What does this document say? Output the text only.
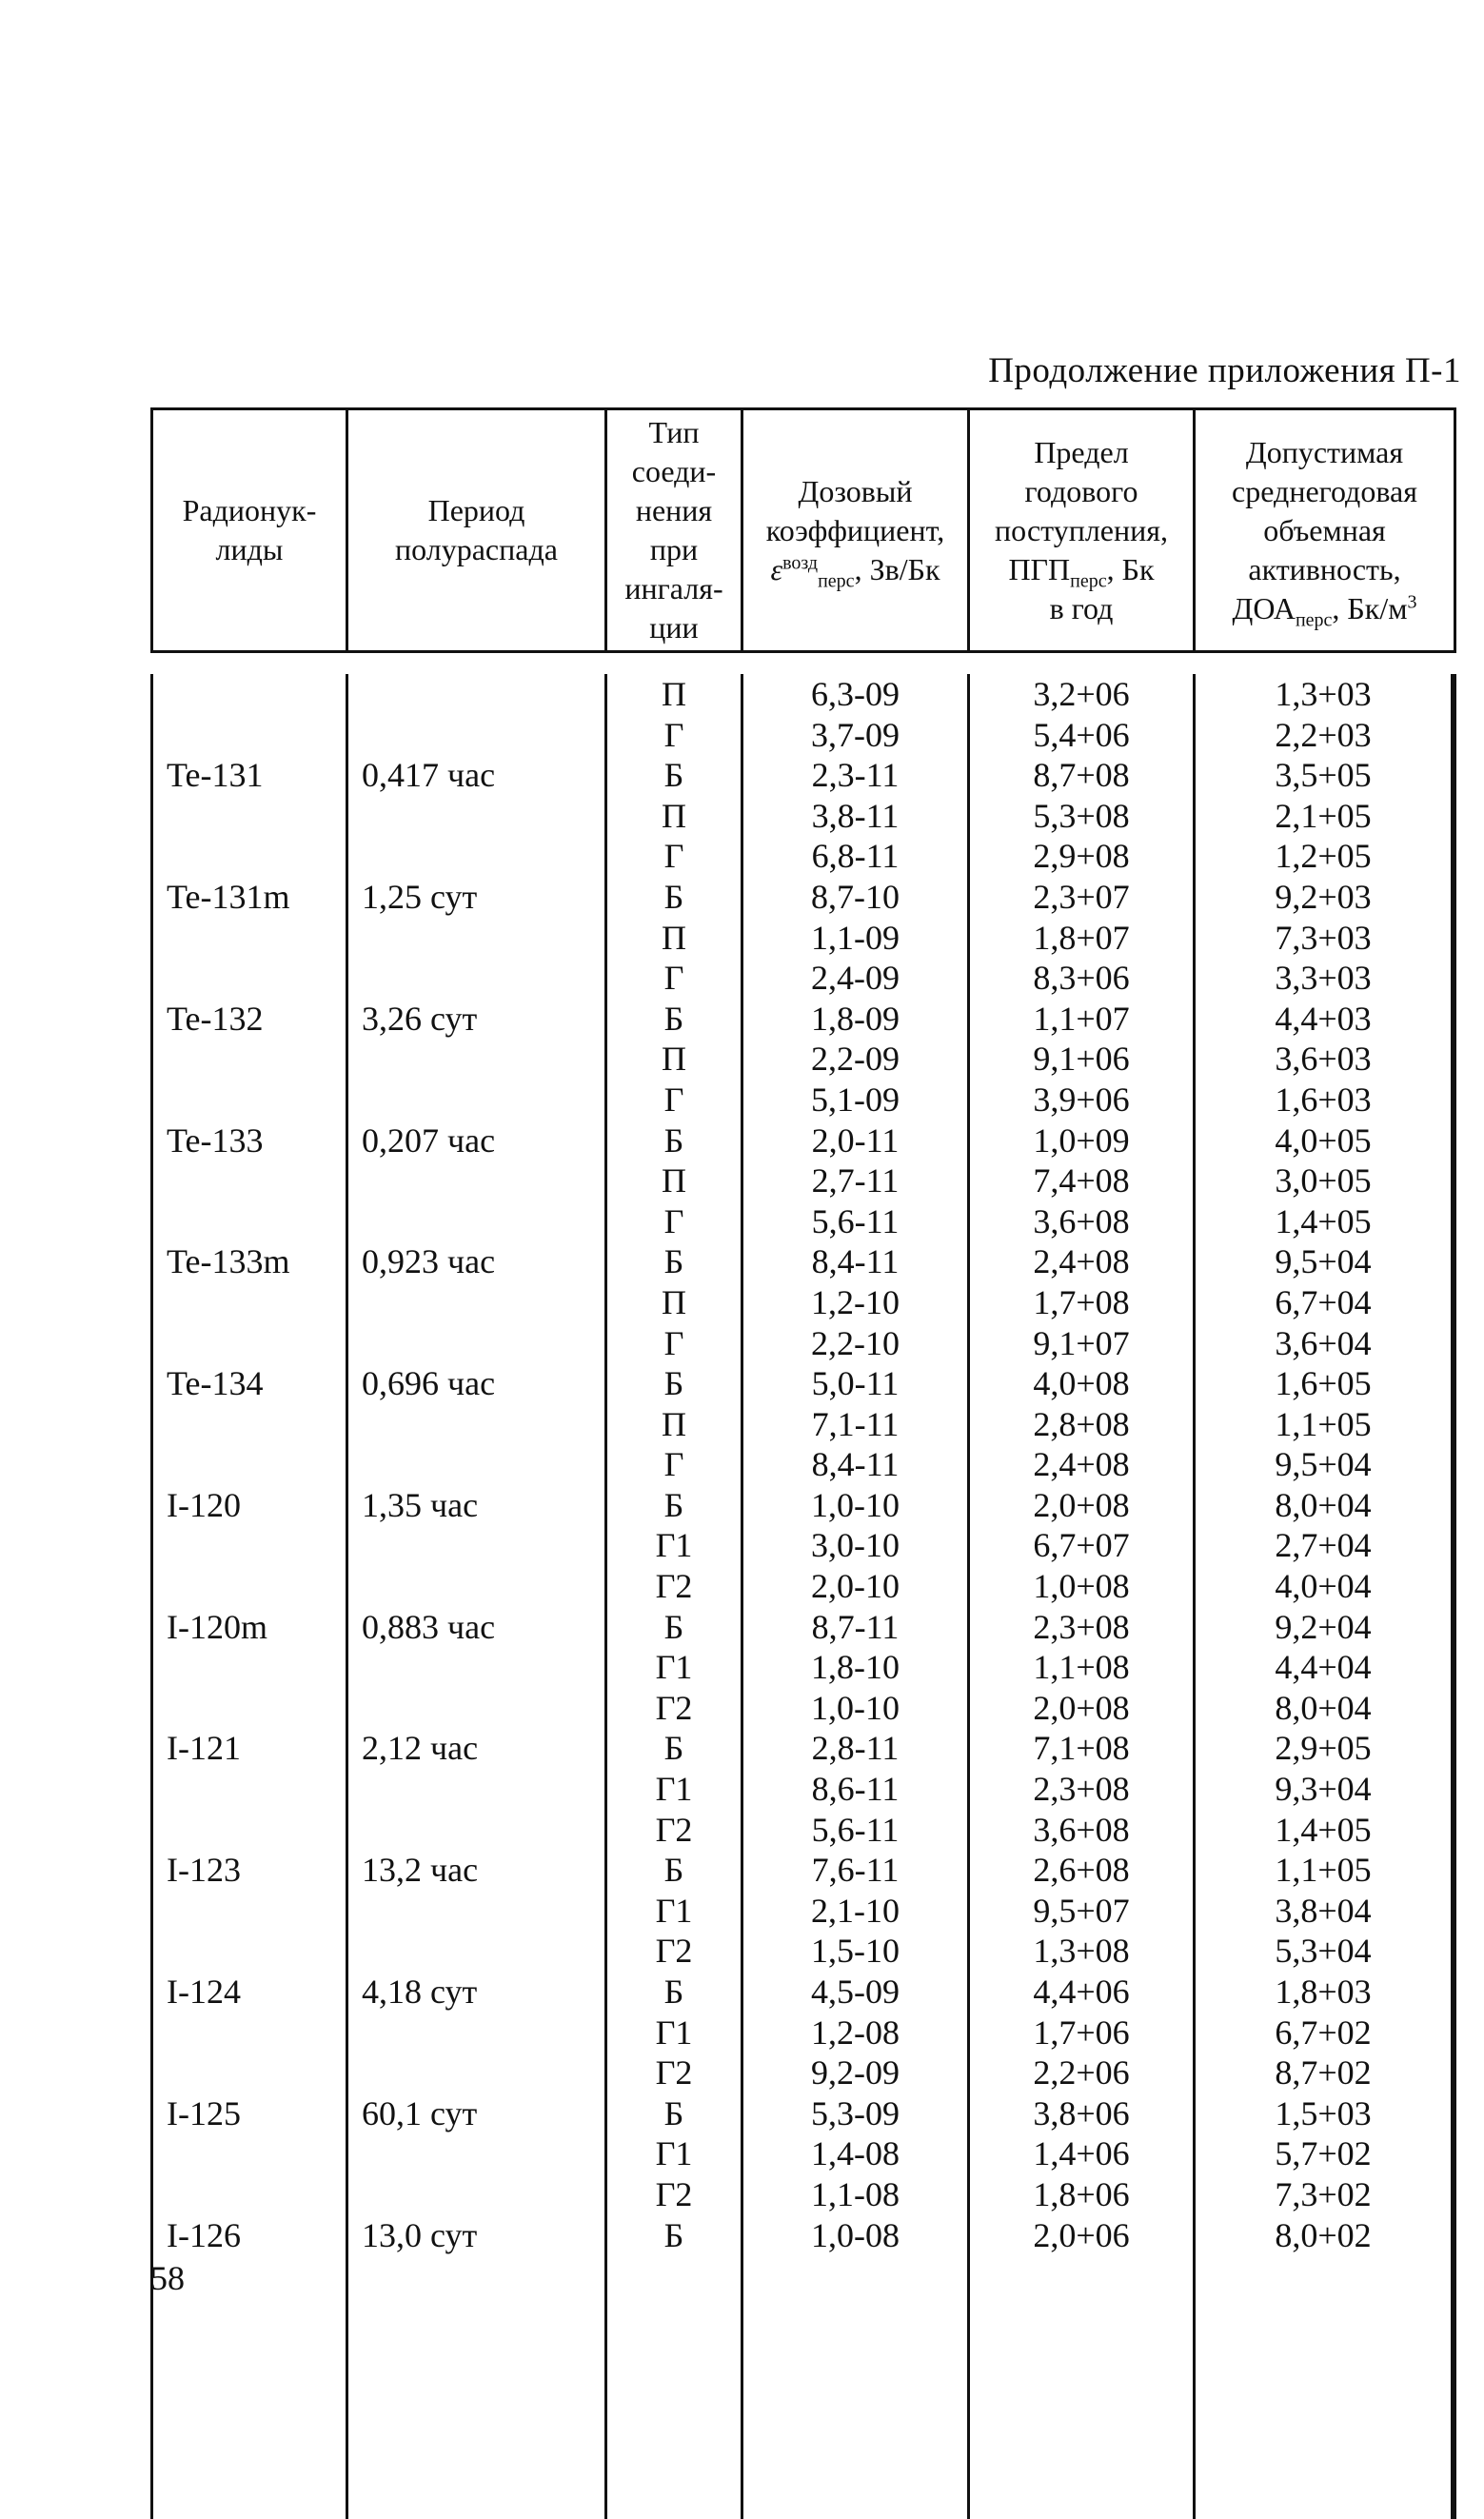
Продолжение приложения П-1
Радионук-
лиды
Период
полураспада
Тип
соеди-
нения
при
ингаля-
ции
Дозовый
коэффициент,
$\varepsilon^{возд}_{перс}$, Зв/Бк
Предел
годового
поступления,
$ПГП_{перс}$, Бк
в год
Допустимая
среднегодовая
объемная
активность,
$ДОА_{перс}$, $Бк/м^3$
Te-131
Te-131m
Te-132
Te-133
Te-133m
Te-134
I-120
I-120m
I-121
I-123
I-124
I-125
I-126
0,417 час
1,25 сут
3,26 сут
0,207 час
0,923 час
0,696 час
1,35 час
0,883 час
2,12 час
13,2 час
4,18 сут
60,1 сут
13,0 сут
П
Г
Б
П
Г
Б
П
Г
Б
П
Г
Б
П
Г
Б
П
Г
Б
П
Г
Б
Г1
Г2
Б
Г1
Г2
Б
Г1
Г2
Б
Г1
Г2
Б
Г1
Г2
Б
Г1
Г2
Б
6,3-09
3,7-09
2,3-11
3,8-11
6,8-11
8,7-10
1,1-09
2,4-09
1,8-09
2,2-09
5,1-09
2,0-11
2,7-11
5,6-11
8,4-11
1,2-10
2,2-10
5,0-11
7,1-11
8,4-11
1,0-10
3,0-10
2,0-10
8,7-11
1,8-10
1,0-10
2,8-11
8,6-11
5,6-11
7,6-11
2,1-10
1,5-10
4,5-09
1,2-08
9,2-09
5,3-09
1,4-08
1,1-08
1,0-08
3,2+06
5,4+06
8,7+08
5,3+08
2,9+08
2,3+07
1,8+07
8,3+06
1,1+07
9,1+06
3,9+06
1,0+09
7,4+08
3,6+08
2,4+08
1,7+08
9,1+07
4,0+08
2,8+08
2,4+08
2,0+08
6,7+07
1,0+08
2,3+08
1,1+08
2,0+08
7,1+08
2,3+08
3,6+08
2,6+08
9,5+07
1,3+08
4,4+06
1,7+06
2,2+06
3,8+06
1,4+06
1,8+06
2,0+06
1,3+03
2,2+03
3,5+05
2,1+05
1,2+05
9,2+03
7,3+03
3,3+03
4,4+03
3,6+03
1,6+03
4,0+05
3,0+05
1,4+05
9,5+04
6,7+04
3,6+04
1,6+05
1,1+05
9,5+04
8,0+04
2,7+04
4,0+04
9,2+04
4,4+04
8,0+04
2,9+05
9,3+04
1,4+05
1,1+05
3,8+04
5,3+04
1,8+03
6,7+02
8,7+02
1,5+03
5,7+02
7,3+02
8,0+02
58
